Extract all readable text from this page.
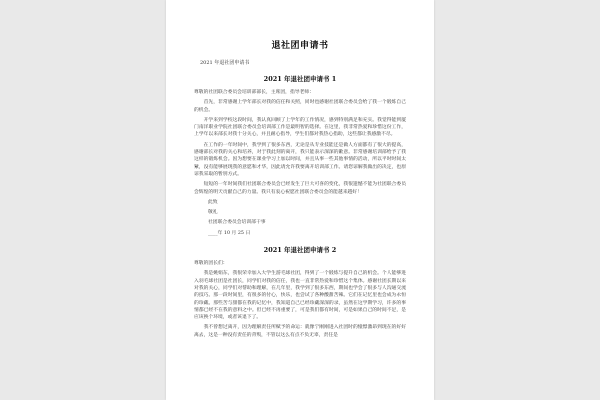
退社团申请书
2021 年退社团申请书
2021 年退社团申请书 1
尊敬的社团联合委员会培训部部长，主席团，指导老师：
首先，非常感谢上学年部长对我的信任和关照，同时也感谢社团联合委员会给了我一个锻炼自己的机会。
开学来到学校这段时间，我认真回顾了上学年的工作情况，感到特别满足和充实。我觉得能到厦门南洋职业学院社团联合委员会培训部工作是最明智的选择。在这里，我非常热爱和珍惜这份工作，上学年以来部长对我十分关心，并且耐心指导，学生们都对我热心指助，这些都让我感激不尽。
在工作的一年时间中，我学到了很多东西，无论是从专业技能还是做人方面都有了很大的提高，感谢部长对我的关心和培养，对于我此刻的离开，我只能表示深深的歉意。非常感谢培训部给予了我这样的锻炼机会。因为想要在课业学习上加以时间，并且从事一些其他事情的活动，所以平时时间太紧，没有能够展现我的意愿和才华，因此请允许我要离开培训部工作。请您谅解我做出的决定，也原谅我采取的暂别方式。
短短的一年时间我们社团联合委员会已经发生了巨大可喜的变化，我很遗憾不能为社团联合委员会辉煌的明天贡献自己的力量。我只有衷心祝愿社团联合委员会的能越来越好！
此致
敬礼
社团联合委员会培训部干事
____年 10 月 25 日
2021 年退社团申请书 2
尊敬的团长们：
我是姚娟东，我很荣幸加入大学生游毛球社团，得到了一个锻炼与提升自己的机会。个人能够进入羽毛球社团是社团长，同学们对我的信任，我也一直非常热爱和珍惜这个集体。感谢社团长期以来对我的关心，同学们对帮助和理解，在几年里，我学到了很多东西，期间也学会了很多与人沟通交流的技巧。那一段时间里，有很多的付心，快乐，也尝试了各种酸甜苦辣。它们在记忆里也会成为永恒的珍藏。那些苦与甜都在我的记忆中，我知道自己已经珍藏深深的录，虽然在这学期学习，许多的事情都已经不在我的意料之中。但已经不再重要了，可是我们都有时间，可是如果自己的时间不足，是应该换个环境，或者该退下了。
我不曾想过离开，因为理解责任所赋予的命运：就像宁刚刚进入社团时的憧憬激昂到现在的好好离去，这是一种没有责任的背叛，不管以这么有点不负无辜，责任是
